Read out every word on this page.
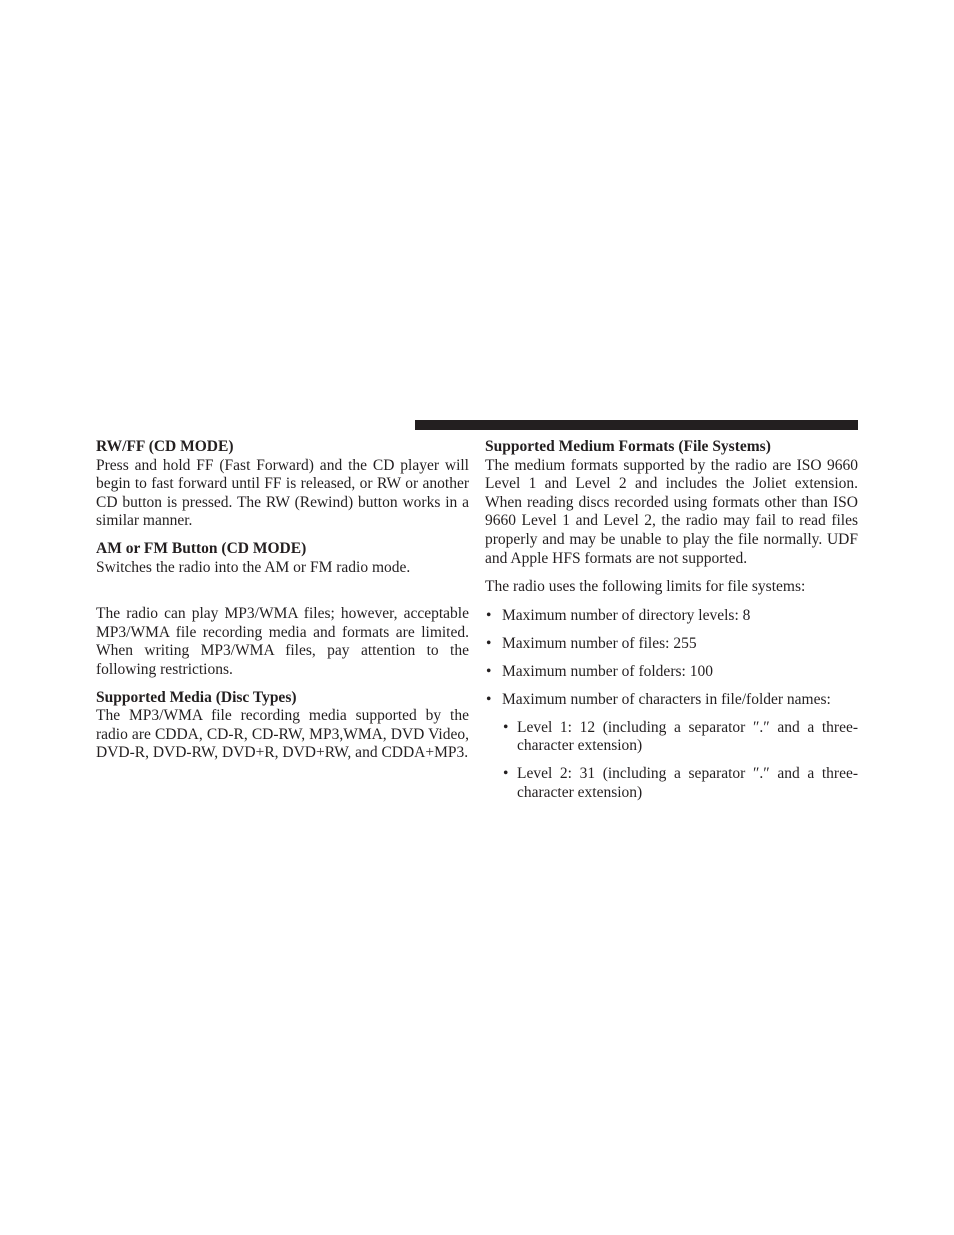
RW/FF (CD MODE)

Press and hold FF (Fast Forward) and the CD player will begin to fast forward until FF is released, or RW or another CD button is pressed. The RW (Rewind) button works in a similar manner.

AM or FM Button (CD MODE)

Switches the radio into the AM or FM radio mode.

The radio can play MP3/WMA files; however, acceptable MP3/WMA file recording media and formats are limited. When writing MP3/WMA files, pay attention to the following restrictions.

Supported Media (Disc Types)

The MP3/WMA file recording media supported by the radio are CDDA, CD-R, CD-RW, MP3,WMA, DVD Video, DVD-R, DVD-RW, DVD+R, DVD+RW, and CDDA+MP3.

Supported Medium Formats (File Systems)

The medium formats supported by the radio are ISO 9660 Level 1 and Level 2 and includes the Joliet extension. When reading discs recorded using formats other than ISO 9660 Level 1 and Level 2, the radio may fail to read files properly and may be unable to play the file normally. UDF and Apple HFS formats are not supported.

The radio uses the following limits for file systems:

• Maximum number of directory levels: 8
• Maximum number of files: 255
• Maximum number of folders: 100
• Maximum number of characters in file/folder names:
• Level 1: 12 (including a separator ″.″ and a three-character extension)
• Level 2: 31 (including a separator ″.″ and a three-character extension)
